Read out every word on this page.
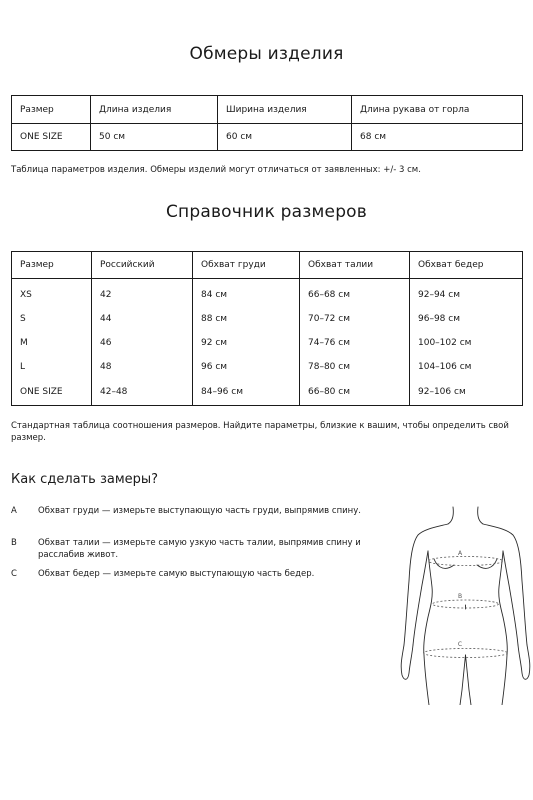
Обмеры изделия
Размер	Длина изделия	Ширина изделия	Длина рукава от горла
ONE SIZE	50 см	60 см	68 см

Таблица параметров изделия. Обмеры изделий могут отличаться от заявленных: +/- 3 см.

Справочник размеров
Размер	Российский	Обхват груди	Обхват талии	Обхват бедер
XS	42	84 см	66–68 см	92–94 см
S	44	88 см	70–72 см	96–98 см
M	46	92 см	74–76 см	100–102 см
L	48	96 см	78–80 см	104–106 см
ONE SIZE	42–48	84–96 см	66–80 см	92–106 см

Стандартная таблица соотношения размеров. Найдите параметры, близкие к вашим, чтобы определить свой размер.

Как сделать замеры?
A Обхват груди — измерьте выступающую часть груди, выпрямив спину.
B Обхват талии — измерьте самую узкую часть талии, выпрямив спину и расслабив живот.
C Обхват бедер — измерьте самую выступающую часть бедер.
A
B
C
